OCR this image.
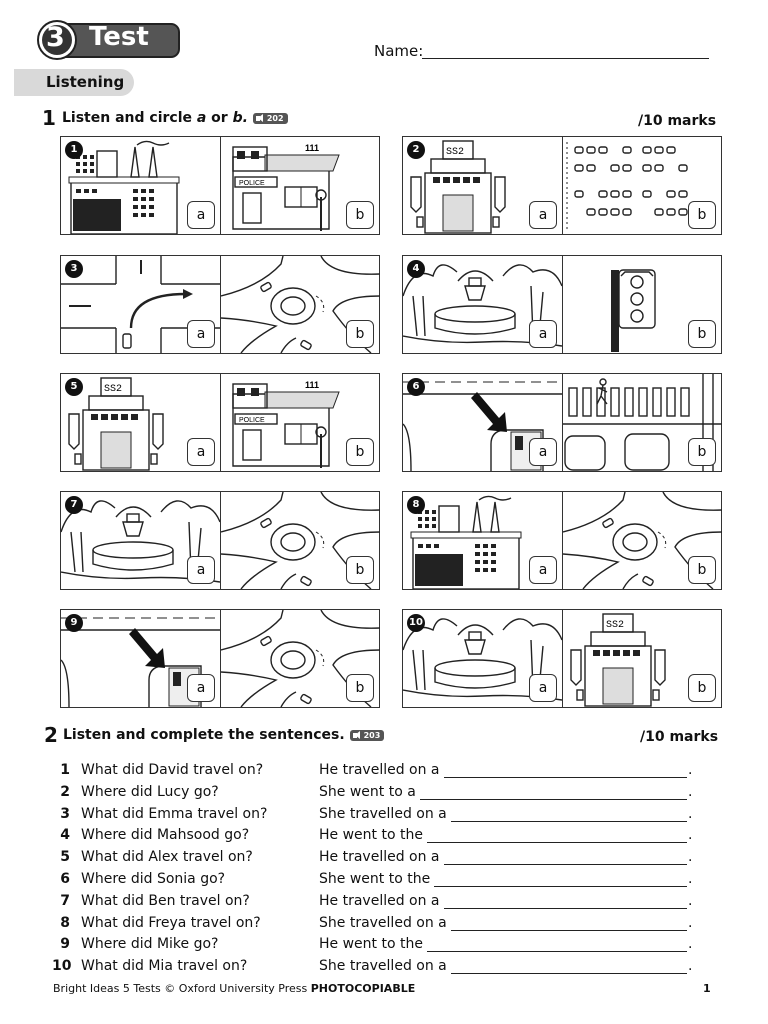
3 Test	Name:
Listening
1 Listen and circle a or b. 202	/10 marks
111
POLICE
1
a	b
SS2
2
a	b
3
a	b
4
a	b
SS2	111
POLICE
5
a	b
6
a	b
7
a	b
8
a	b
9
a	b
SS2
10
a	b
2 Listen and complete the sentences. 203	/10 marks
1 What did David travel on?	He travelled on a	.
2 Where did Lucy go?	She went to a	.
3 What did Emma travel on?	She travelled on a	.
4 Where did Mahsood go?	He went to the	.
5 What did Alex travel on?	He travelled on a	.
6 Where did Sonia go?	She went to the	.
7 What did Ben travel on?	He travelled on a	.
8 What did Freya travel on?	She travelled on a	.
9 Where did Mike go?	He went to the	.
10 What did Mia travel on?	She travelled on a	.
Bright Ideas 5 Tests © Oxford University Press PHOTOCOPIABLE	1
